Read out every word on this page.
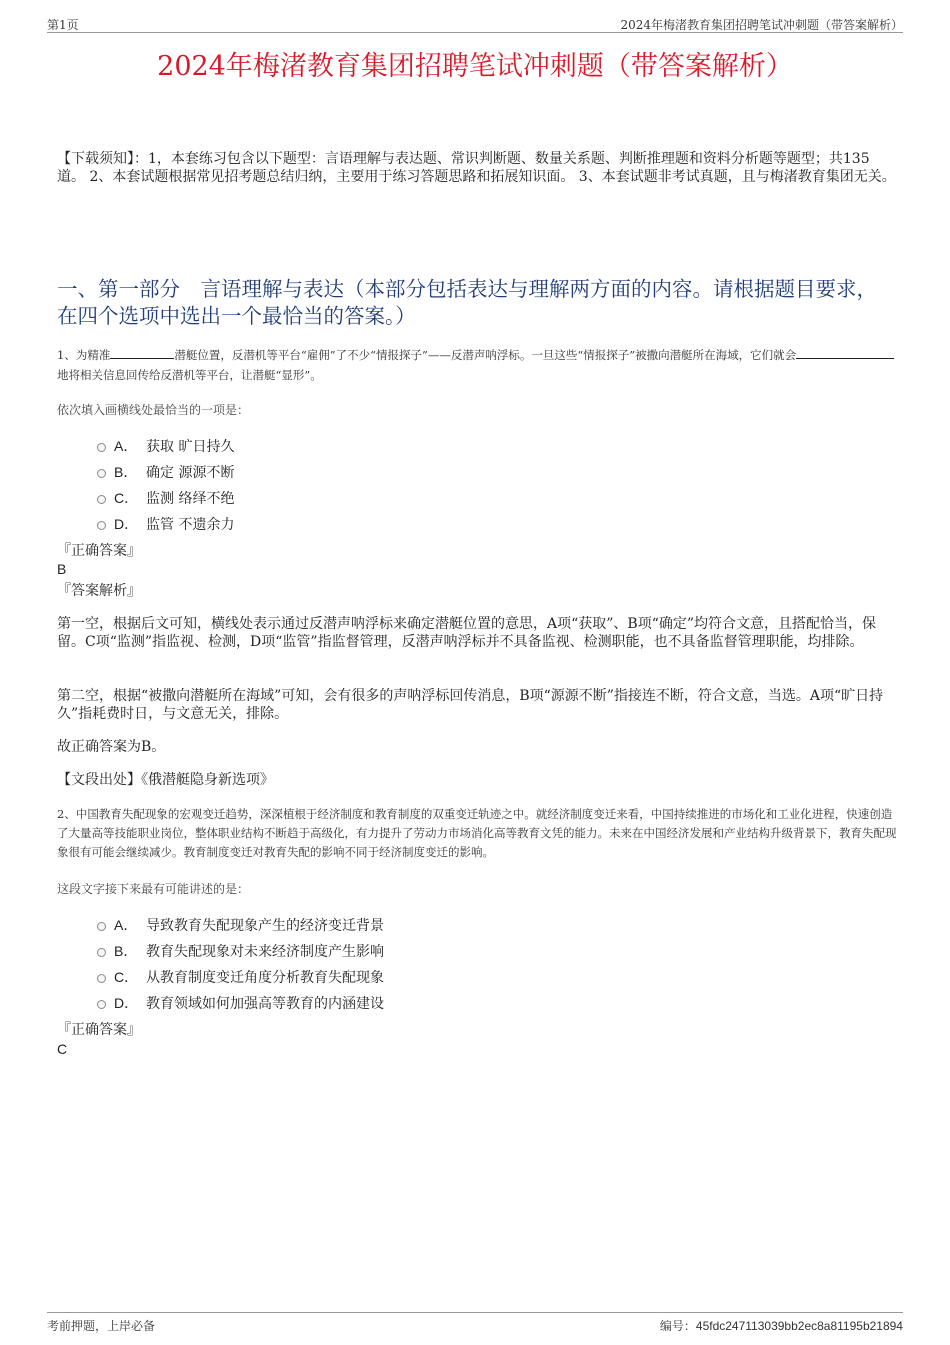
第1页	2024年梅渚教育集团招聘笔试冲刺题（带答案解析）
2024年梅渚教育集团招聘笔试冲刺题（带答案解析）
【下载须知】：1，本套练习包含以下题型：言语理解与表达题、常识判断题、数量关系题、判断推理题和资料分析题等题型；共135道。 2、本套试题根据常见招考题总结归纳，主要用于练习答题思路和拓展知识面。 3、本套试题非考试真题，且与梅渚教育集团无关。
一、第一部分　言语理解与表达（本部分包括表达与理解两方面的内容。请根据题目要求，在四个选项中选出一个最恰当的答案。）
1、为精准	潜艇位置，反潜机等平台“雇佣”了不少“情报探子”——反潜声呐浮标。一旦这些“情报探子”被撒向潜艇所在海域，它们就会地将相关信息回传给反潜机等平台，让潜艇“显形”。
依次填入画横线处最恰当的一项是：
A． 获取 旷日持久
B． 确定 源源不断
C． 监测 络绎不绝
D． 监管 不遗余力
『正确答案』
B
『答案解析』
第一空，根据后文可知，横线处表示通过反潜声呐浮标来确定潜艇位置的意思，A项“获取”、B项“确定”均符合文意，且搭配恰当，保留。C项“监测”指监视、检测，D项“监管”指监督管理，反潜声呐浮标并不具备监视、检测职能，也不具备监督管理职能，均排除。
第二空，根据“被撒向潜艇所在海域”可知，会有很多的声呐浮标回传消息，B项“源源不断”指接连不断，符合文意，当选。A项“旷日持久”指耗费时日，与文意无关，排除。
故正确答案为B。
【文段出处】《俄潜艇隐身新选项》
2、中国教育失配现象的宏观变迁趋势，深深植根于经济制度和教育制度的双重变迁轨迹之中。就经济制度变迁来看，中国持续推进的市场化和工业化进程，快速创造了大量高等技能职业岗位，整体职业结构不断趋于高级化，有力提升了劳动力市场消化高等教育文凭的能力。未来在中国经济发展和产业结构升级背景下，教育失配现象很有可能会继续减少。教育制度变迁对教育失配的影响不同于经济制度变迁的影响。
这段文字接下来最有可能讲述的是：
A． 导致教育失配现象产生的经济变迁背景
B． 教育失配现象对未来经济制度产生影响
C． 从教育制度变迁角度分析教育失配现象
D． 教育领域如何加强高等教育的内涵建设
『正确答案』
C
考前押题，上岸必备	编号：45fdc247113039bb2ec8a81195b21894
